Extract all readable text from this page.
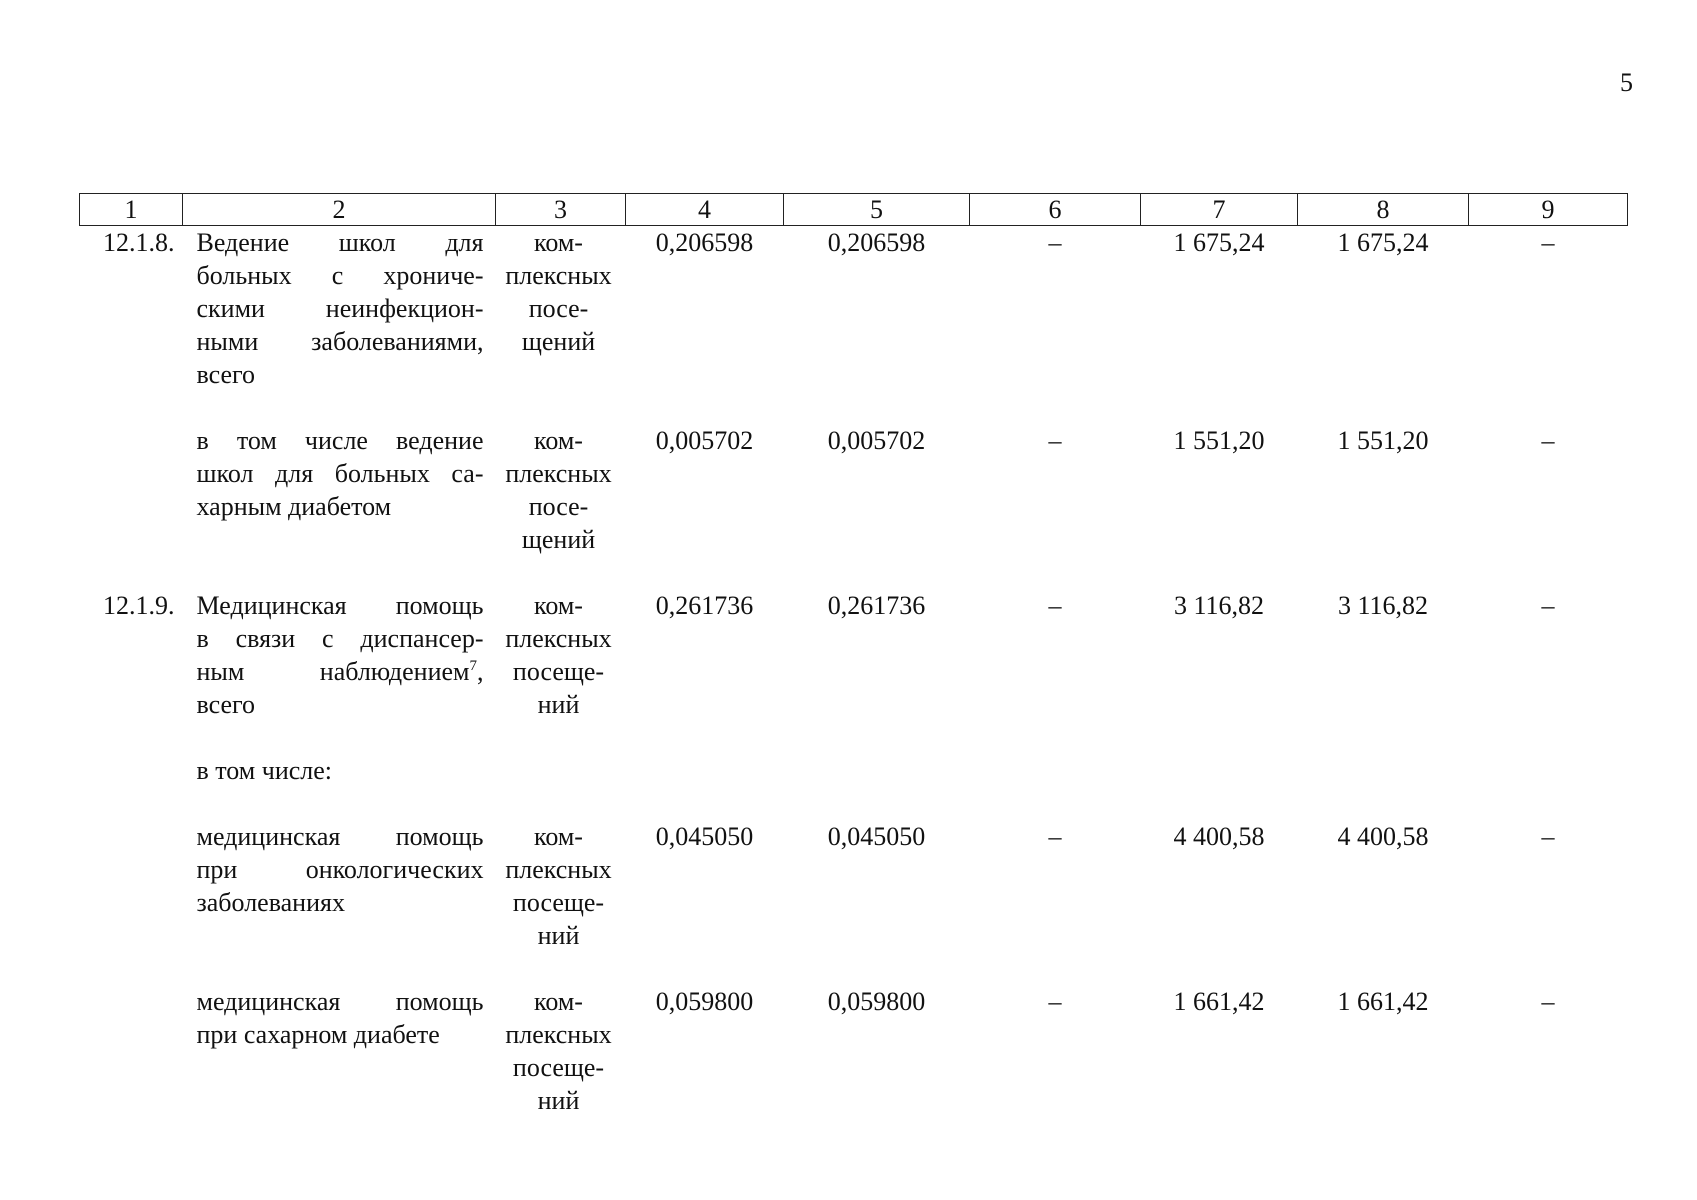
5
1	2	3	4	5	6	7	8	9
12.1.8.	Ведение школ для
больных с хрониче-
скими неинфекцион-
ными заболеваниями,
всего	ком-
плексных
посе-
щений	0,206598	0,206598	–	1 675,24	1 675,24	–

	в том числе ведение
школ для больных са-
харным диабетом	ком-
плексных
посе-
щений	0,005702	0,005702	–	1 551,20	1 551,20	–

12.1.9.	Медицинская помощь
в связи с диспансер-
ным наблюдением$^7$,
всего	ком-
плексных
посеще-
ний	0,261736	0,261736	–	3 116,82	3 116,82	–

	в том числе:							

	медицинская помощь
при онкологических
заболеваниях	ком-
плексных
посеще-
ний	0,045050	0,045050	–	4 400,58	4 400,58	–

	медицинская помощь
при сахарном диабете	ком-
плексных
посеще-
ний	0,059800	0,059800	–	1 661,42	1 661,42	–
